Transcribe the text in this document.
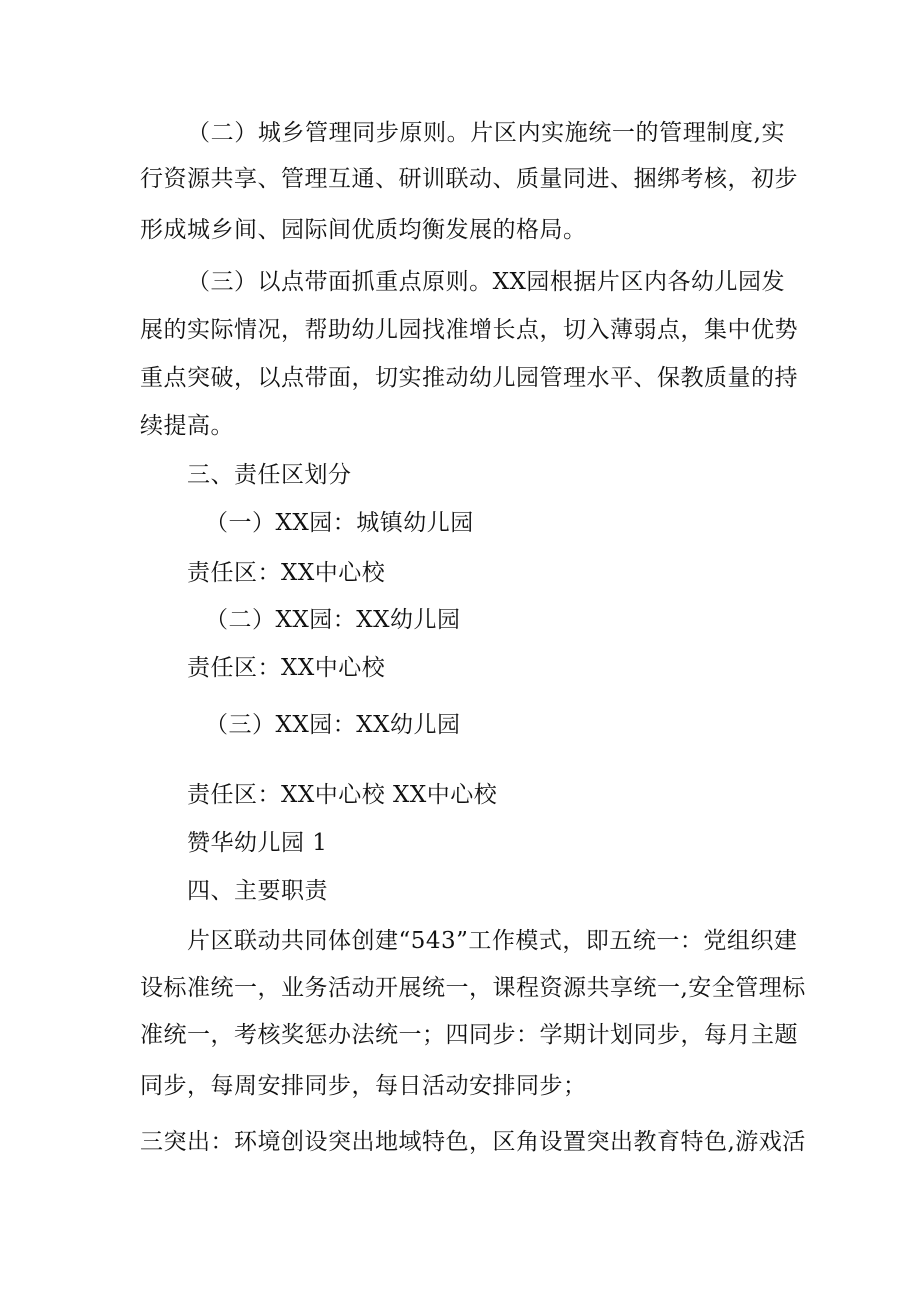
（二）城乡管理同步原则。片区内实施统一的管理制度,实
行资源共享、管理互通、研训联动、质量同进、捆绑考核，初步
形成城乡间、园际间优质均衡发展的格局。
（三）以点带面抓重点原则。XX园根据片区内各幼儿园发
展的实际情况，帮助幼儿园找准增长点，切入薄弱点，集中优势
重点突破，以点带面，切实推动幼儿园管理水平、保教质量的持
续提高。
三、责任区划分
（一）XX园：城镇幼儿园
责任区：XX中心校
（二）XX园：XX幼儿园
责任区：XX中心校
（三）XX园：XX幼儿园
责任区：XX中心校 XX中心校
赞华幼儿园 1
四、主要职责
片区联动共同体创建“543”工作模式，即五统一：党组织建
设标准统一，业务活动开展统一，课程资源共享统一,安全管理标
准统一，考核奖惩办法统一；四同步：学期计划同步，每月主题
同步，每周安排同步，每日活动安排同步；
三突出：环境创设突出地域特色，区角设置突出教育特色,游戏活
